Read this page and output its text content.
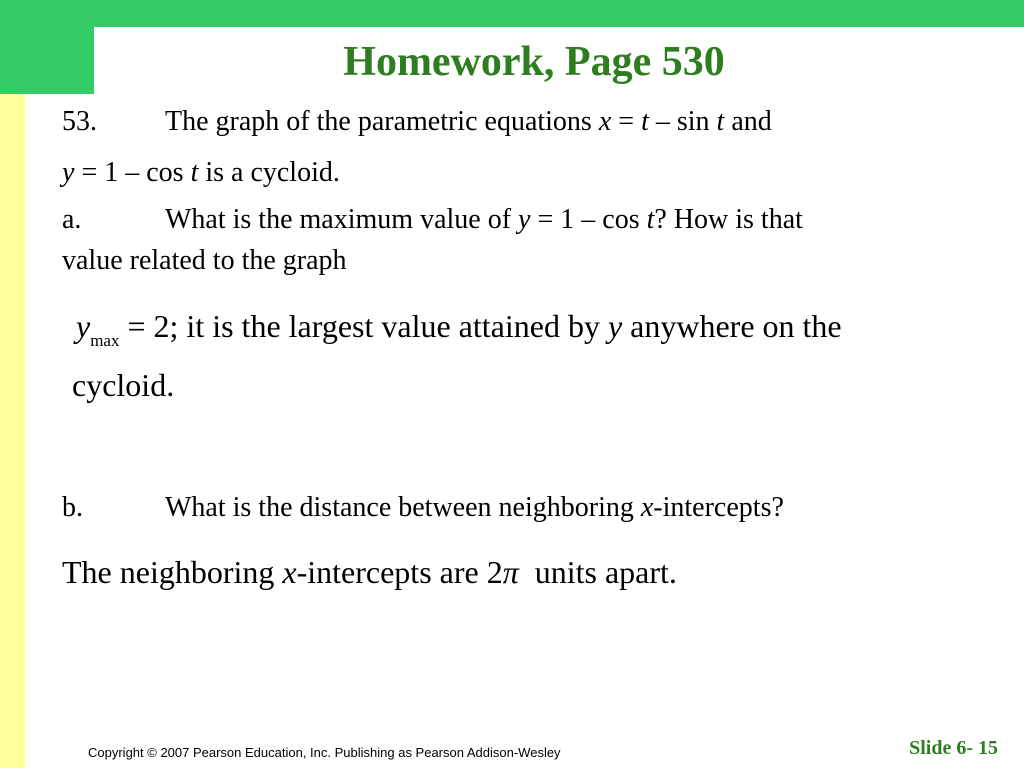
Homework, Page 530
53. The graph of the parametric equations x = t – sin t and
y = 1 – cos t is a cycloid.
a.	What is the maximum value of y = 1 – cos t? How is that
value related to the graph
$y_{max} = 2$; it is the largest value attained by y anywhere on the
cycloid.
b.	What is the distance between neighboring x-intercepts?
The neighboring x-intercepts are 2π  units apart.
Copyright © 2007 Pearson Education, Inc. Publishing as Pearson Addison-Wesley	Slide 6- 15
